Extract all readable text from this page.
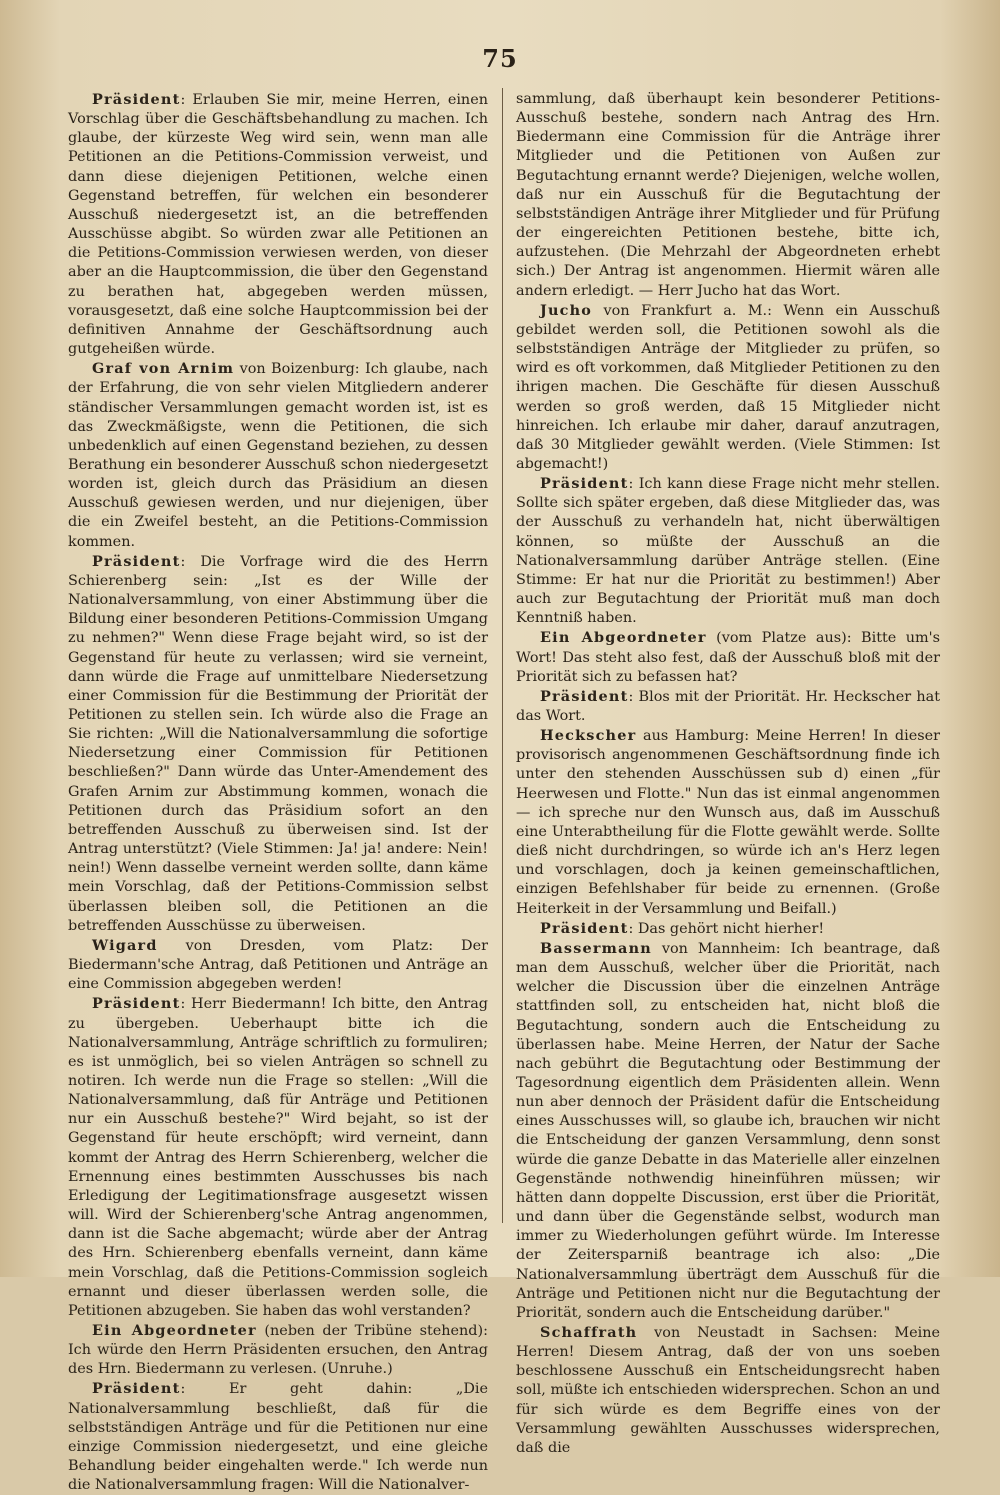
75

Präsident: Erlauben Sie mir, meine Herren, einen Vorschlag über die Geschäftsbehandlung zu machen. Ich glaube, der kürzeste Weg wird sein, wenn man alle Petitionen an die Petitions-Commission verweist, und dann diese diejenigen Petitionen, welche einen Gegenstand betreffen, für welchen ein besonderer Ausschuß niedergesetzt ist, an die betreffenden Ausschüsse abgibt. So würden zwar alle Petitionen an die Petitions-Commission verwiesen werden, von dieser aber an die Hauptcommission, die über den Gegenstand zu berathen hat, abgegeben werden müssen, vorausgesetzt, daß eine solche Hauptcommission bei der definitiven Annahme der Geschäftsordnung auch gutgeheißen würde.

Graf von Arnim von Boizenburg: Ich glaube, nach der Erfahrung, die von sehr vielen Mitgliedern anderer ständischer Versammlungen gemacht worden ist, ist es das Zweckmäßigste, wenn die Petitionen, die sich unbedenklich auf einen Gegenstand beziehen, zu dessen Berathung ein besonderer Ausschuß schon niedergesetzt worden ist, gleich durch das Präsidium an diesen Ausschuß gewiesen werden, und nur diejenigen, über die ein Zweifel besteht, an die Petitions-Commission kommen.

Präsident: Die Vorfrage wird die des Herrn Schierenberg sein: „Ist es der Wille der Nationalversammlung, von einer Abstimmung über die Bildung einer besonderen Petitions-Commission Umgang zu nehmen?" Wenn diese Frage bejaht wird, so ist der Gegenstand für heute zu verlassen; wird sie verneint, dann würde die Frage auf unmittelbare Niedersetzung einer Commission für die Bestimmung der Priorität der Petitionen zu stellen sein. Ich würde also die Frage an Sie richten: „Will die Nationalversammlung die sofortige Niedersetzung einer Commission für Petitionen beschließen?" Dann würde das Unter-Amendement des Grafen Arnim zur Abstimmung kommen, wonach die Petitionen durch das Präsidium sofort an den betreffenden Ausschuß zu überweisen sind. Ist der Antrag unterstützt? (Viele Stimmen: Ja! ja! andere: Nein! nein!) Wenn dasselbe verneint werden sollte, dann käme mein Vorschlag, daß der Petitions-Commission selbst überlassen bleiben soll, die Petitionen an die betreffenden Ausschüsse zu überweisen.

Wigard von Dresden, vom Platz: Der Biedermann'sche Antrag, daß Petitionen und Anträge an eine Commission abgegeben werden!

Präsident: Herr Biedermann! Ich bitte, den Antrag zu übergeben. Ueberhaupt bitte ich die Nationalversammlung, Anträge schriftlich zu formuliren; es ist unmöglich, bei so vielen Anträgen so schnell zu notiren. Ich werde nun die Frage so stellen: „Will die Nationalversammlung, daß für Anträge und Petitionen nur ein Ausschuß bestehe?" Wird bejaht, so ist der Gegenstand für heute erschöpft; wird verneint, dann kommt der Antrag des Herrn Schierenberg, welcher die Ernennung eines bestimmten Ausschusses bis nach Erledigung der Legitimationsfrage ausgesetzt wissen will. Wird der Schierenberg'sche Antrag angenommen, dann ist die Sache abgemacht; würde aber der Antrag des Hrn. Schierenberg ebenfalls verneint, dann käme mein Vorschlag, daß die Petitions-Commission sogleich ernannt und dieser überlassen werden solle, die Petitionen abzugeben. Sie haben das wohl verstanden?

Ein Abgeordneter (neben der Tribüne stehend): Ich würde den Herrn Präsidenten ersuchen, den Antrag des Hrn. Biedermann zu verlesen. (Unruhe.)

Präsident: Er geht dahin: „Die Nationalversammlung beschließt, daß für die selbstständigen Anträge und für die Petitionen nur eine einzige Commission niedergesetzt, und eine gleiche Behandlung beider eingehalten werde." Ich werde nun die Nationalversammlung fragen: Will die Nationalver-

sammlung, daß überhaupt kein besonderer Petitions-Ausschuß bestehe, sondern nach Antrag des Hrn. Biedermann eine Commission für die Anträge ihrer Mitglieder und die Petitionen von Außen zur Begutachtung ernannt werde? Diejenigen, welche wollen, daß nur ein Ausschuß für die Begutachtung der selbstständigen Anträge ihrer Mitglieder und für Prüfung der eingereichten Petitionen bestehe, bitte ich, aufzustehen. (Die Mehrzahl der Abgeordneten erhebt sich.) Der Antrag ist angenommen. Hiermit wären alle andern erledigt. — Herr Jucho hat das Wort.

Jucho von Frankfurt a. M.: Wenn ein Ausschuß gebildet werden soll, die Petitionen sowohl als die selbstständigen Anträge der Mitglieder zu prüfen, so wird es oft vorkommen, daß Mitglieder Petitionen zu den ihrigen machen. Die Geschäfte für diesen Ausschuß werden so groß werden, daß 15 Mitglieder nicht hinreichen. Ich erlaube mir daher, darauf anzutragen, daß 30 Mitglieder gewählt werden. (Viele Stimmen: Ist abgemacht!)

Präsident: Ich kann diese Frage nicht mehr stellen. Sollte sich später ergeben, daß diese Mitglieder das, was der Ausschuß zu verhandeln hat, nicht überwältigen können, so müßte der Ausschuß an die Nationalversammlung darüber Anträge stellen. (Eine Stimme: Er hat nur die Priorität zu bestimmen!) Aber auch zur Begutachtung der Priorität muß man doch Kenntniß haben.

Ein Abgeordneter (vom Platze aus): Bitte um's Wort! Das steht also fest, daß der Ausschuß bloß mit der Priorität sich zu befassen hat?

Präsident: Blos mit der Priorität. Hr. Heckscher hat das Wort.

Heckscher aus Hamburg: Meine Herren! In dieser provisorisch angenommenen Geschäftsordnung finde ich unter den stehenden Ausschüssen sub d) einen „für Heerwesen und Flotte." Nun das ist einmal angenommen — ich spreche nur den Wunsch aus, daß im Ausschuß eine Unterabtheilung für die Flotte gewählt werde. Sollte dieß nicht durchdringen, so würde ich an's Herz legen und vorschlagen, doch ja keinen gemeinschaftlichen, einzigen Befehlshaber für beide zu ernennen. (Große Heiterkeit in der Versammlung und Beifall.)

Präsident: Das gehört nicht hierher!

Bassermann von Mannheim: Ich beantrage, daß man dem Ausschuß, welcher über die Priorität, nach welcher die Discussion über die einzelnen Anträge stattfinden soll, zu entscheiden hat, nicht bloß die Begutachtung, sondern auch die Entscheidung zu überlassen habe. Meine Herren, der Natur der Sache nach gebührt die Begutachtung oder Bestimmung der Tagesordnung eigentlich dem Präsidenten allein. Wenn nun aber dennoch der Präsident dafür die Entscheidung eines Ausschusses will, so glaube ich, brauchen wir nicht die Entscheidung der ganzen Versammlung, denn sonst würde die ganze Debatte in das Materielle aller einzelnen Gegenstände nothwendig hineinführen müssen; wir hätten dann doppelte Discussion, erst über die Priorität, und dann über die Gegenstände selbst, wodurch man immer zu Wiederholungen geführt würde. Im Interesse der Zeitersparniß beantrage ich also: „Die Nationalversammlung überträgt dem Ausschuß für die Anträge und Petitionen nicht nur die Begutachtung der Priorität, sondern auch die Entscheidung darüber."

Schaffrath von Neustadt in Sachsen: Meine Herren! Diesem Antrag, daß der von uns soeben beschlossene Ausschuß ein Entscheidungsrecht haben soll, müßte ich entschieden widersprechen. Schon an und für sich würde es dem Begriffe eines von der Versammlung gewählten Ausschusses widersprechen, daß die
